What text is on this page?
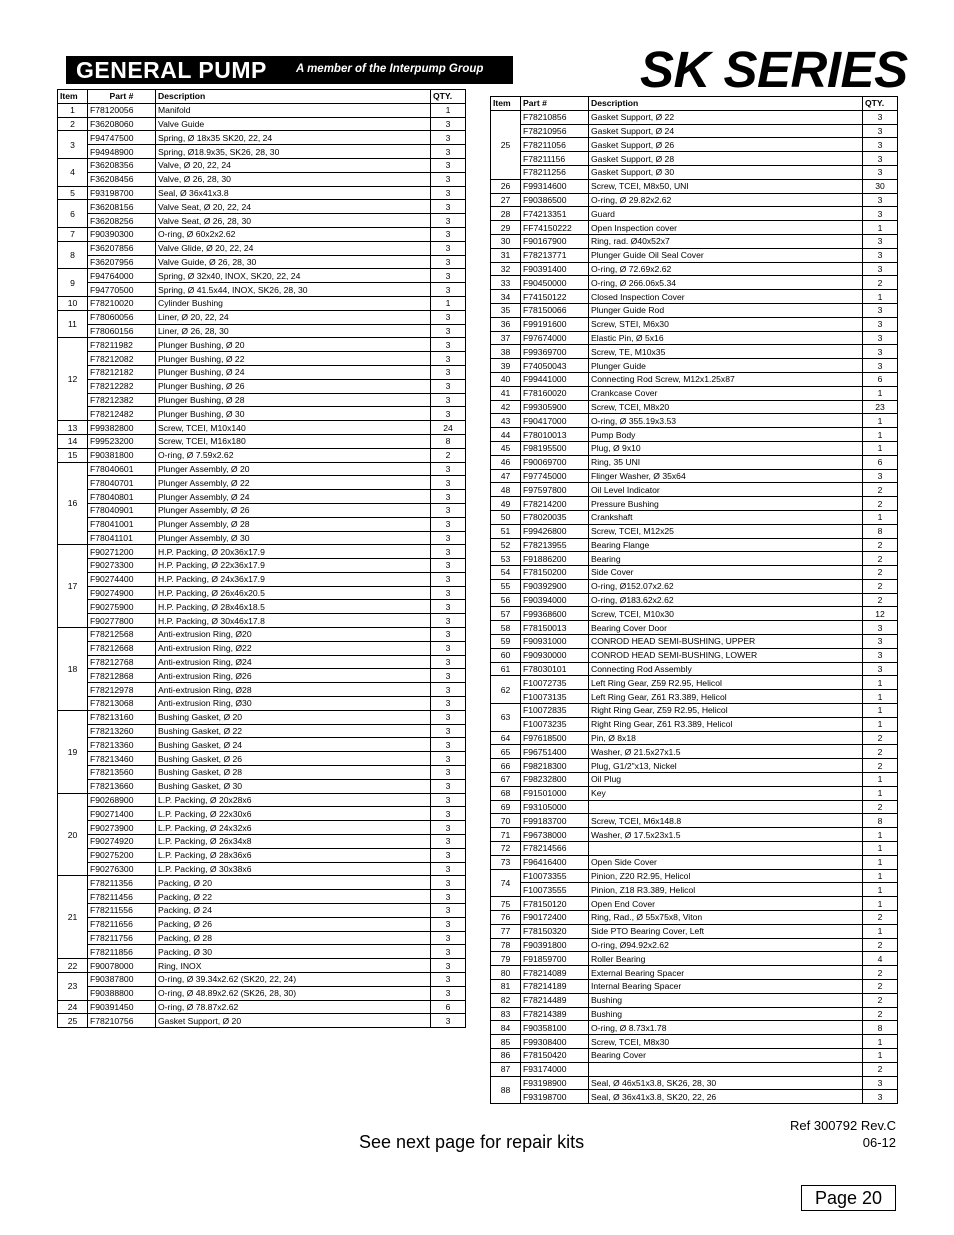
GENERAL PUMP	A member of the Interpump Group	SK SERIES
Item	Part #	Description	QTY.
1	F78120056	Manifold	1
2	F36208060	Valve Guide	3
3	F94747500	Spring, Ø 18x35 SK20, 22, 24	3
	F94948900	Spring, Ø18.9x35, SK26, 28, 30	3
4	F36208356	Valve, Ø 20, 22, 24	3
	F36208456	Valve, Ø 26, 28, 30	3
5	F93198700	Seal, Ø 36x41x3.8	3
6	F36208156	Valve Seat, Ø 20, 22, 24	3
	F36208256	Valve Seat, Ø 26, 28, 30	3
7	F90390300	O-ring, Ø 60x2x2.62	3
8	F36207856	Valve Glide, Ø 20, 22, 24	3
	F36207956	Valve Guide, Ø 26, 28, 30	3
9	F94764000	Spring, Ø 32x40, INOX, SK20, 22, 24	3
	F94770500	Spring, Ø 41.5x44, INOX, SK26, 28, 30	3
10	F78210020	Cylinder Bushing	1
11	F78060056	Liner, Ø 20, 22, 24	3
	F78060156	Liner, Ø 26, 28, 30	3
12	F78211982	Plunger Bushing, Ø 20	3
	F78212082	Plunger Bushing, Ø 22	3
	F78212182	Plunger Bushing, Ø 24	3
	F78212282	Plunger Bushing, Ø 26	3
	F78212382	Plunger Bushing, Ø 28	3
	F78212482	Plunger Bushing, Ø 30	3
13	F99382800	Screw, TCEI, M10x140	24
14	F99523200	Screw, TCEI, M16x180	8
15	F90381800	O-ring, Ø 7.59x2.62	2
16	F78040601	Plunger Assembly, Ø 20	3
	F78040701	Plunger Assembly, Ø 22	3
	F78040801	Plunger Assembly, Ø 24	3
	F78040901	Plunger Assembly, Ø 26	3
	F78041001	Plunger Assembly, Ø 28	3
	F78041101	Plunger Assembly, Ø 30	3
17	F90271200	H.P. Packing, Ø 20x36x17.9	3
	F90273300	H.P. Packing, Ø 22x36x17.9	3
	F90274400	H.P. Packing, Ø 24x36x17.9	3
	F90274900	H.P. Packing, Ø 26x46x20.5	3
	F90275900	H.P. Packing, Ø 28x46x18.5	3
	F90277800	H.P. Packing, Ø 30x46x17.8	3
18	F78212568	Anti-extrusion Ring, Ø20	3
	F78212668	Anti-extrusion Ring, Ø22	3
	F78212768	Anti-extrusion Ring, Ø24	3
	F78212868	Anti-extrusion Ring, Ø26	3
	F78212978	Anti-extrusion Ring, Ø28	3
	F78213068	Anti-extrusion Ring, Ø30	3
19	F78213160	Bushing Gasket, Ø 20	3
	F78213260	Bushing Gasket, Ø 22	3
	F78213360	Bushing Gasket, Ø 24	3
	F78213460	Bushing Gasket, Ø 26	3
	F78213560	Bushing Gasket, Ø 28	3
	F78213660	Bushing Gasket, Ø 30	3
20	F90268900	L.P. Packing, Ø 20x28x6	3
	F90271400	L.P. Packing, Ø 22x30x6	3
	F90273900	L.P. Packing, Ø 24x32x6	3
	F90274920	L.P. Packing, Ø 26x34x8	3
	F90275200	L.P. Packing, Ø 28x36x6	3
	F90276300	L.P. Packing, Ø 30x38x6	3
21	F78211356	Packing, Ø 20	3
	F78211456	Packing, Ø 22	3
	F78211556	Packing, Ø 24	3
	F78211656	Packing, Ø 26	3
	F78211756	Packing, Ø 28	3
	F78211856	Packing, Ø 30	3
22	F90078000	Ring, INOX	3
23	F90387800	O-ring, Ø 39.34x2.62 (SK20, 22, 24)	3
	F90388800	O-ring, Ø 48.89x2.62 (SK26, 28, 30)	3
24	F90391450	O-ring, Ø 78.87x2.62	6
25	F78210756	Gasket Support, Ø 20	3
Item	Part #	Description	QTY.
25	F78210856	Gasket Support, Ø 22	3
	F78210956	Gasket Support, Ø 24	3
	F78211056	Gasket Support, Ø 26	3
	F78211156	Gasket Support, Ø 28	3
	F78211256	Gasket Support, Ø 30	3
26	F99314600	Screw, TCEI, M8x50, UNI	30
27	F90386500	O-ring, Ø 29.82x2.62	3
28	F74213351	Guard	3
29	FF74150222	Open Inspection cover	1
30	F90167900	Ring, rad. Ø40x52x7	3
31	F78213771	Plunger Guide Oil Seal Cover	3
32	F90391400	O-ring, Ø 72.69x2.62	3
33	F90450000	O-ring, Ø 266.06x5.34	2
34	F74150122	Closed Inspection Cover	1
35	F78150066	Plunger Guide Rod	3
36	F99191600	Screw, STEI, M6x30	3
37	F97674000	Elastic Pin, Ø 5x16	3
38	F99369700	Screw, TE, M10x35	3
39	F74050043	Plunger Guide	3
40	F99441000	Connecting Rod Screw, M12x1.25x87	6
41	F78160020	Crankcase Cover	1
42	F99305900	Screw, TCEI, M8x20	23
43	F90417000	O-ring, Ø 355.19x3.53	1
44	F78010013	Pump Body	1
45	F98195500	Plug, Ø 9x10	1
46	F90069700	Ring, 35 UNI	6
47	F97745000	Flinger Washer, Ø 35x64	3
48	F97597800	Oil Level Indicator	2
49	F78214200	Pressure Bushing	2
50	F78020035	Crankshaft	1
51	F99426800	Screw, TCEI, M12x25	8
52	F78213955	Bearing Flange	2
53	F91886200	Bearing	2
54	F78150200	Side Cover	2
55	F90392900	O-ring, Ø152.07x2.62	2
56	F90394000	O-ring, Ø183.62x2.62	2
57	F99368600	Screw, TCEI, M10x30	12
58	F78150013	Bearing Cover Door	3
59	F90931000	CONROD HEAD SEMI-BUSHING, UPPER	3
60	F90930000	CONROD HEAD SEMI-BUSHING, LOWER	3
61	F78030101	Connecting Rod Assembly	3
62	F10072735	Left Ring Gear, Z59 R2.95, Helicol	1
	F10073135	Left Ring Gear, Z61 R3.389, Helicol	1
63	F10072835	Right Ring Gear, Z59 R2.95, Helicol	1
	F10073235	Right Ring Gear, Z61 R3.389, Helicol	1
64	F97618500	Pin, Ø 8x18	2
65	F96751400	Washer, Ø 21.5x27x1.5	2
66	F98218300	Plug, G1/2"x13, Nickel	2
67	F98232800	Oil Plug	1
68	F91501000	Key	1
69	F93105000		2
70	F99183700	Screw, TCEI, M6x148.8	8
71	F96738000	Washer, Ø 17.5x23x1.5	1
72	F78214566		1
73	F96416400	Open Side Cover	1
74	F10073355	Pinion, Z20 R2.95, Helicol	1
	F10073555	Pinion, Z18 R3.389, Helicol	1
75	F78150120	Open End Cover	1
76	F90172400	Ring, Rad., Ø 55x75x8, Viton	2
77	F78150320	Side PTO Bearing Cover, Left	1
78	F90391800	O-ring, Ø94.92x2.62	2
79	F91859700	Roller Bearing	4
80	F78214089	External Bearing Spacer	2
81	F78214189	Internal Bearing Spacer	2
82	F78214489	Bushing	2
83	F78214389	Bushing	2
84	F90358100	O-ring, Ø 8.73x1.78	8
85	F99308400	Screw, TCEI, M8x30	1
86	F78150420	Bearing Cover	1
87	F93174000		2
88	F93198900	Seal, Ø 46x51x3.8, SK26, 28, 30	3
	F93198700	Seal, Ø 36x41x3.8, SK20, 22, 26	3
Ref 300792 Rev.C
06-12
See next page for repair kits
Page 20
